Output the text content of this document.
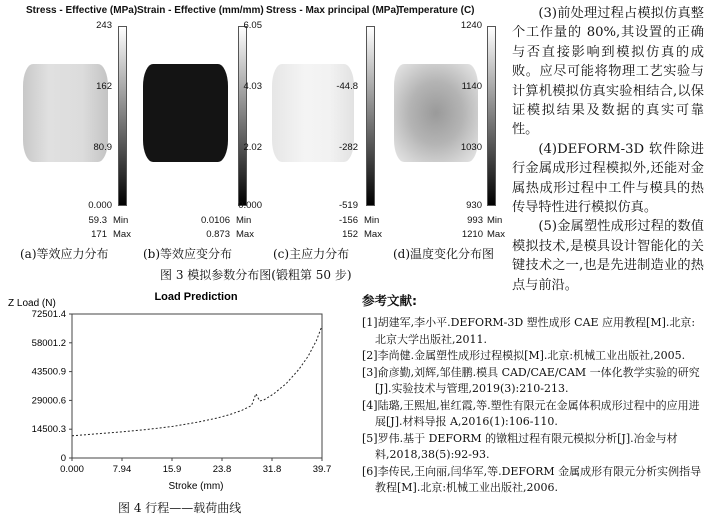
Stress - Effective (MPa)
243
162
80.9
0.000
59.3 Min
171 Max
(a)等效应力分布
Strain - Effective (mm/mm)
6.05
4.03
2.02
0.000
0.0106 Min
0.873 Max
(b)等效应变分布
Stress - Max principal (MPa)
-44.8
-282
-519
-156 Min
152 Max
(c)主应力分布
Temperature (C)
1240
1140
1030
930
993 Min
1210 Max
(d)温度变化分布图
图 3 模拟参数分布图(锻粗第 50 步)

(3)前处理过程占模拟仿真整个工作量的 80%,其设置的正确与否直接影响到模拟仿真的成败。应尽可能将物理工艺实验与计算机模拟仿真实验相结合,以保证模拟结果及数据的真实可靠性。

(4)DEFORM-3D 软件除进行金属成形过程模拟外,还能对金属热成形过程中工件与模具的热传导特性进行模拟仿真。

(5)金属塑性成形过程的数值模拟技术,是模具设计智能化的关键技术之一,也是先进制造业的热点与前沿。

Load Prediction
Z Load (N)
Stroke (mm)
72501.4
58001.2
43500.9
29000.6
14500.3
0
0.000	7.94	15.9	23.8	31.8	39.7
图 4 行程——载荷曲线
参考文献:

[1]胡建军,李小平.DEFORM-3D 塑性成形 CAE 应用教程[M].北京:北京大学出版社,2011.

[2]李尚健.金属塑性成形过程模拟[M].北京:机械工业出版社,2005.

[3]俞彦勤,刘辉,邹佳鹏.模具 CAD/CAE/CAM 一体化教学实验的研究[J].实验技术与管理,2019(3):210-213.

[4]陆璐,王熙旭,崔红霞,等.塑性有限元在金属体积成形过程中的应用进展[J].材料导报 A,2016(1):106-110.

[5]罗伟.基于 DEFORM 的镦粗过程有限元模拟分析[J].冶金与材料,2018,38(5):92-93.

[6]李传民,王向丽,闫华军,等.DEFORM 金属成形有限元分析实例指导教程[M].北京:机械工业出版社,2006.
